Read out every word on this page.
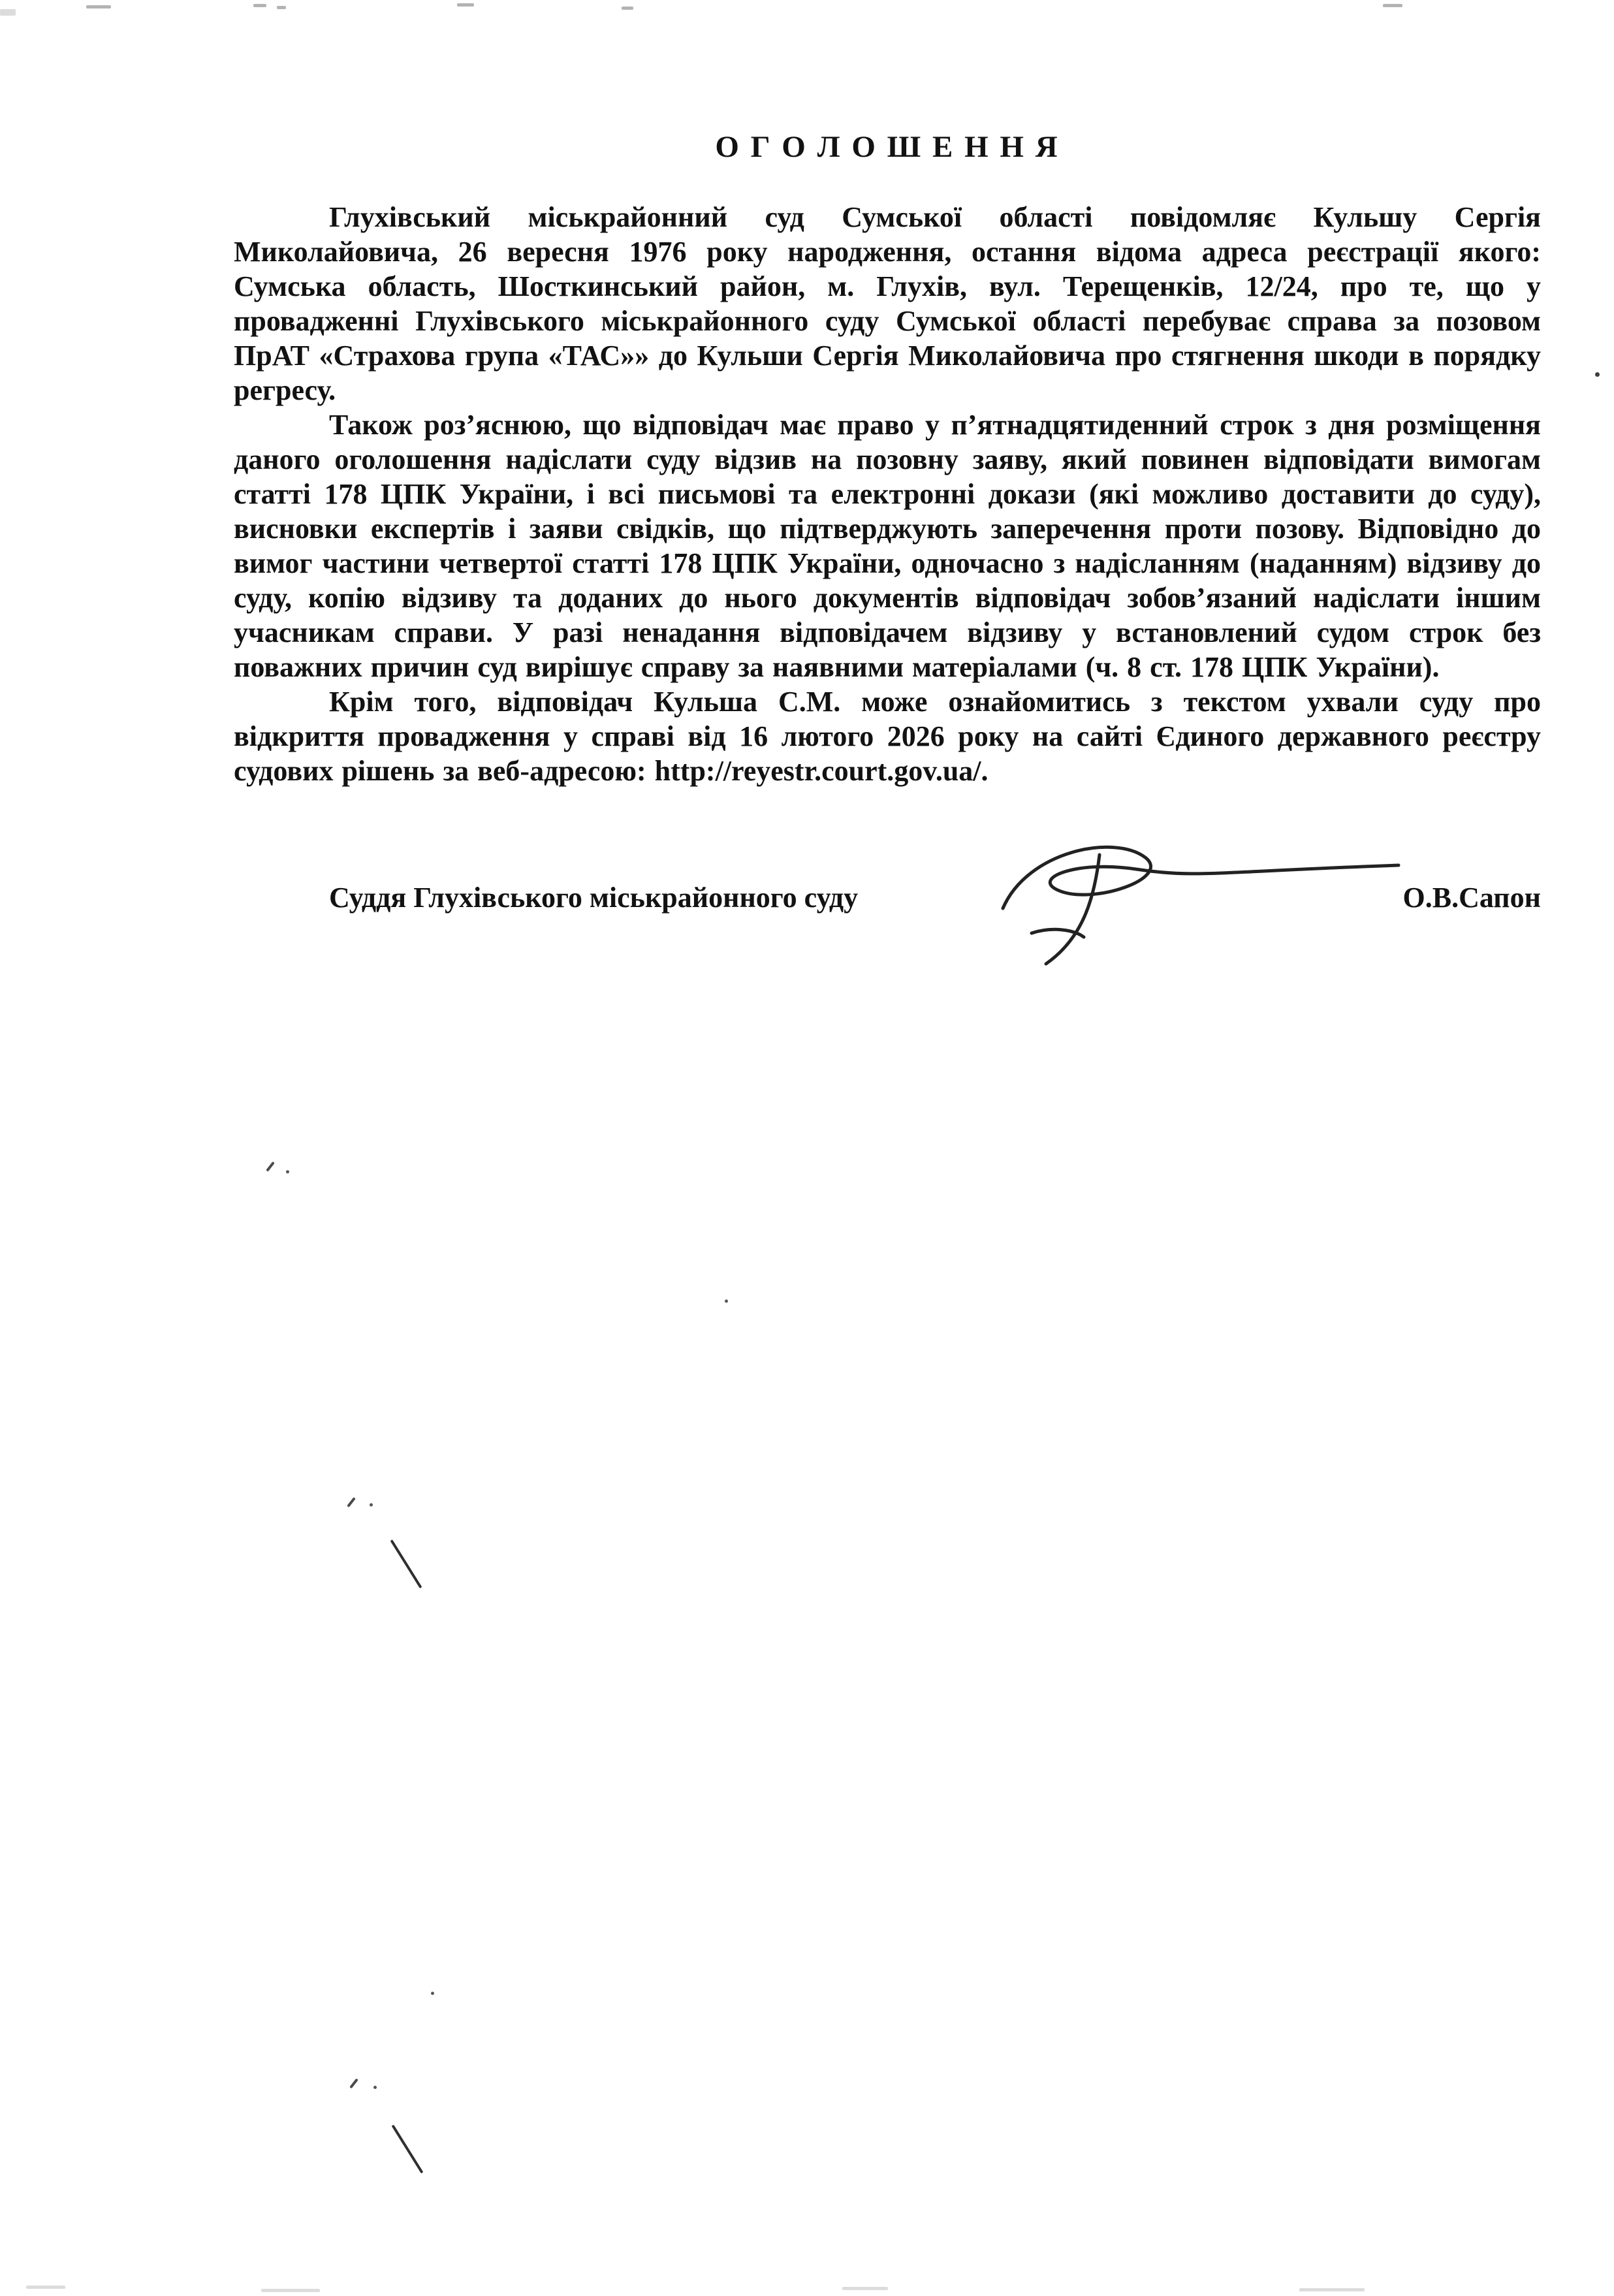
О Г О Л О Ш Е Н Н Я

Глухівський міськрайонний суд Сумської області повідомляє Кульшу Сергія Миколайовича, 26 вересня 1976 року народження, остання відома адреса реєстрації якого: Сумська область, Шосткинський район, м. Глухів, вул. Терещенків, 12/24, про те, що у провадженні Глухівського міськрайонного суду Сумської області перебуває справа за позовом ПрАТ «Страхова група «ТАС»» до Кульши Сергія Миколайовича про стягнення шкоди в порядку регресу.

Також роз’яснюю, що відповідач має право у п’ятнадцятиденний строк з дня розміщення даного оголошення надіслати суду відзив на позовну заяву, який повинен відповідати вимогам статті 178 ЦПК України, і всі письмові та електронні докази (які можливо доставити до суду), висновки експертів і заяви свідків, що підтверджують заперечення проти позову. Відповідно до вимог частини четвертої статті 178 ЦПК України, одночасно з надісланням (наданням) відзиву до суду, копію відзиву та доданих до нього документів відповідач зобов’язаний надіслати іншим учасникам справи. У разі ненадання відповідачем відзиву у встановлений судом строк без поважних причин суд вирішує справу за наявними матеріалами (ч. 8 ст. 178 ЦПК України).

Крім того, відповідач Кульша С.М. може ознайомитись з текстом ухвали суду про відкриття провадження у справі від 16 лютого 2026 року на сайті Єдиного державного реєстру судових рішень за веб-адресою: http://reyestr.court.gov.ua/.

Суддя Глухівського міськрайонного суду	О.В.Сапон
